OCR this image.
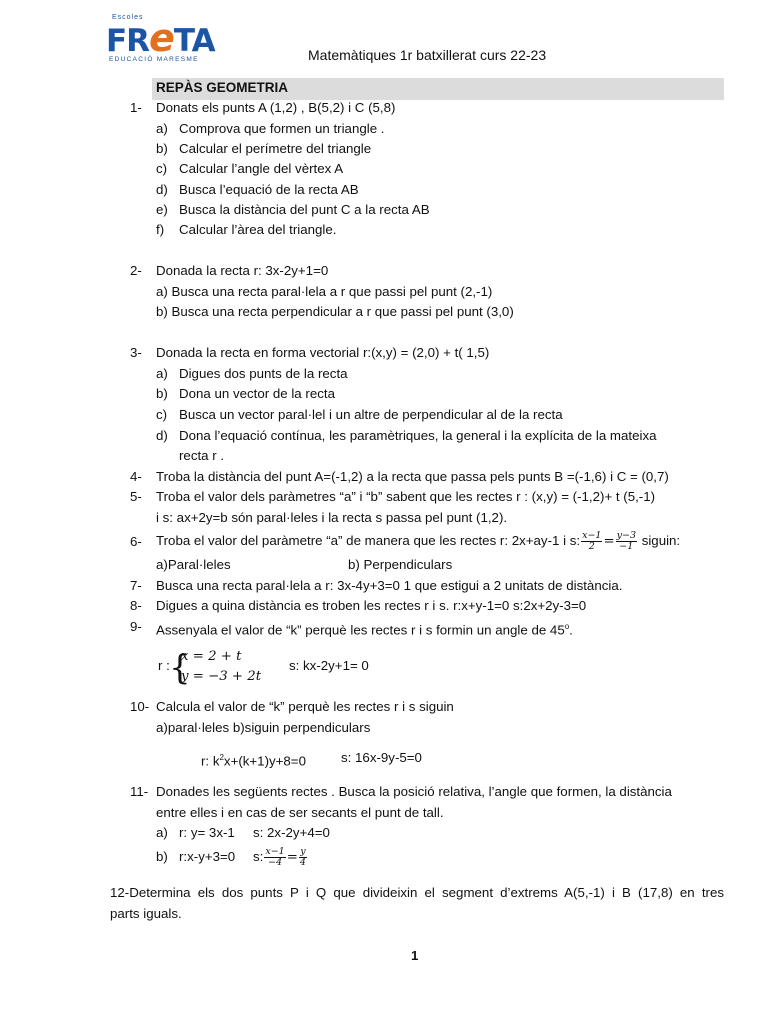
Escoles
FReTA
EDUCACIÓ MARESME	Matemàtiques 1r batxillerat curs 22-23
REPÀS GEOMETRIA
1- Donats els punts A (1,2) , B(5,2) i C (5,8)
a) Comprova que formen un triangle .
b) Calcular el perímetre del triangle
c) Calcular l’angle del vèrtex A
d) Busca l’equació de la recta AB
e) Busca la distància del punt C a la recta AB
f) Calcular l’àrea del triangle.
2- Donada la recta r: 3x-2y+1=0
a) Busca una recta paral·lela a r que passi pel punt (2,-1)
b) Busca una recta perpendicular a r que passi pel punt (3,0)
3- Donada la recta en forma vectorial r:(x,y) = (2,0) + t( 1,5)
a) Digues dos punts de la recta
b) Dona un vector de la recta
c) Busca un vector paral·lel i un altre de perpendicular al de la recta
d) Dona l’equació contínua, les paramètriques, la general i la explícita de la mateixa
recta r .
4- Troba la distància del punt A=(-1,2) a la recta que passa pels punts B =(-1,6) i C = (0,7)
5- Troba el valor dels paràmetres “a” i “b” sabent que les rectes r : (x,y) = (-1,2)+ t (5,-1)
i s: ax+2y=b són paral·leles i la recta s passa pel punt (1,2).
6- Troba el valor del paràmetre “a” de manera que les rectes r: 2x+ay-1 i s: $\frac{x-1}{2} = \frac{y-3}{-1}$ siguin:
a)Paral·leles	b) Perpendiculars
7- Busca una recta paral·lela a r: 3x-4y+3=0 1 que estigui a 2 unitats de distància.
8- Digues a quina distància es troben les rectes r i s. r:x+y-1=0 s:2x+2y-3=0
9- Assenyala el valor de “k” perquè les rectes r i s formin un angle de 45$^o$.
r : {
x = 2 + t
y = −3 + 2t
s: kx-2y+1= 0
10- Calcula el valor de “k” perquè les rectes r i s siguin
a)paral·leles b)siguin perpendiculars
r: $k^2x+(k+1)y+8=0$	s: 16x-9y-5=0
11- Donades les següents rectes . Busca la posició relativa, l’angle que formen, la distància
entre elles i en cas de ser secants el punt de tall.
a) r: y= 3x-1 s: 2x-2y+4=0
b) r:x-y+3=0 s: $\frac{x-1}{-4} = \frac{y}{4}$
12-Determina els dos punts P i Q que divideixin el segment d’extrems A(5,-1) i B (17,8) en tres
parts iguals.
1
